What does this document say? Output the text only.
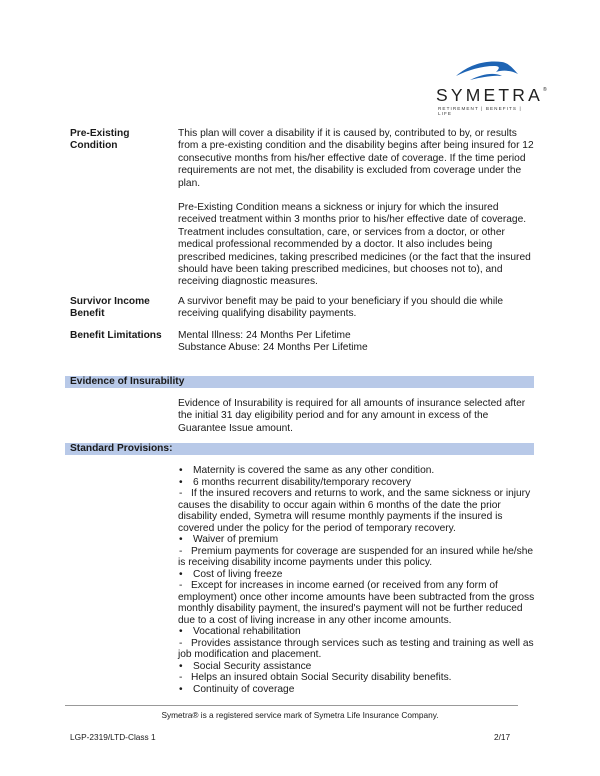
SYMETRA®
RETIREMENT | BENEFITS | LIFE
Pre-Existing Condition

This plan will cover a disability if it is caused by, contributed to by, or results from a pre-existing condition and the disability begins after being insured for 12 consecutive months from his/her effective date of coverage. If the time period requirements are not met, the disability is excluded from coverage under the plan.

Pre-Existing Condition means a sickness or injury for which the insured received treatment within 3 months prior to his/her effective date of coverage. Treatment includes consultation, care, or services from a doctor, or other medical professional recommended by a doctor. It also includes being prescribed medicines, taking prescribed medicines (or the fact that the insured should have been taking prescribed medicines, but chooses not to), and receiving diagnostic measures.

Survivor Income Benefit
A survivor benefit may be paid to your beneficiary if you should die while receiving qualifying disability payments.
Benefit Limitations	Mental Illness: 24 Months Per Lifetime
Substance Abuse: 24 Months Per Lifetime
Evidence of Insurability
Evidence of Insurability is required for all amounts of insurance selected after the initial 31 day eligibility period and for any amount in excess of the Guarantee Issue amount.
Standard Provisions:
• Maternity is covered the same as any other condition.
• 6 months recurrent disability/temporary recovery
- If the insured recovers and returns to work, and the same sickness or injury causes the disability to occur again within 6 months of the date the prior disability ended, Symetra will resume monthly payments if the insured is covered under the policy for the period of temporary recovery.
• Waiver of premium
- Premium payments for coverage are suspended for an insured while he/she is receiving disability income payments under this policy.
• Cost of living freeze
- Except for increases in income earned (or received from any form of employment) once other income amounts have been subtracted from the gross monthly disability payment, the insured's payment will not be further reduced due to a cost of living increase in any other income amounts.
• Vocational rehabilitation
- Provides assistance through services such as testing and training as well as job modification and placement.
• Social Security assistance
- Helps an insured obtain Social Security disability benefits.
• Continuity of coverage
Symetra® is a registered service mark of Symetra Life Insurance Company.
LGP-2319/LTD-Class 1	2/17
